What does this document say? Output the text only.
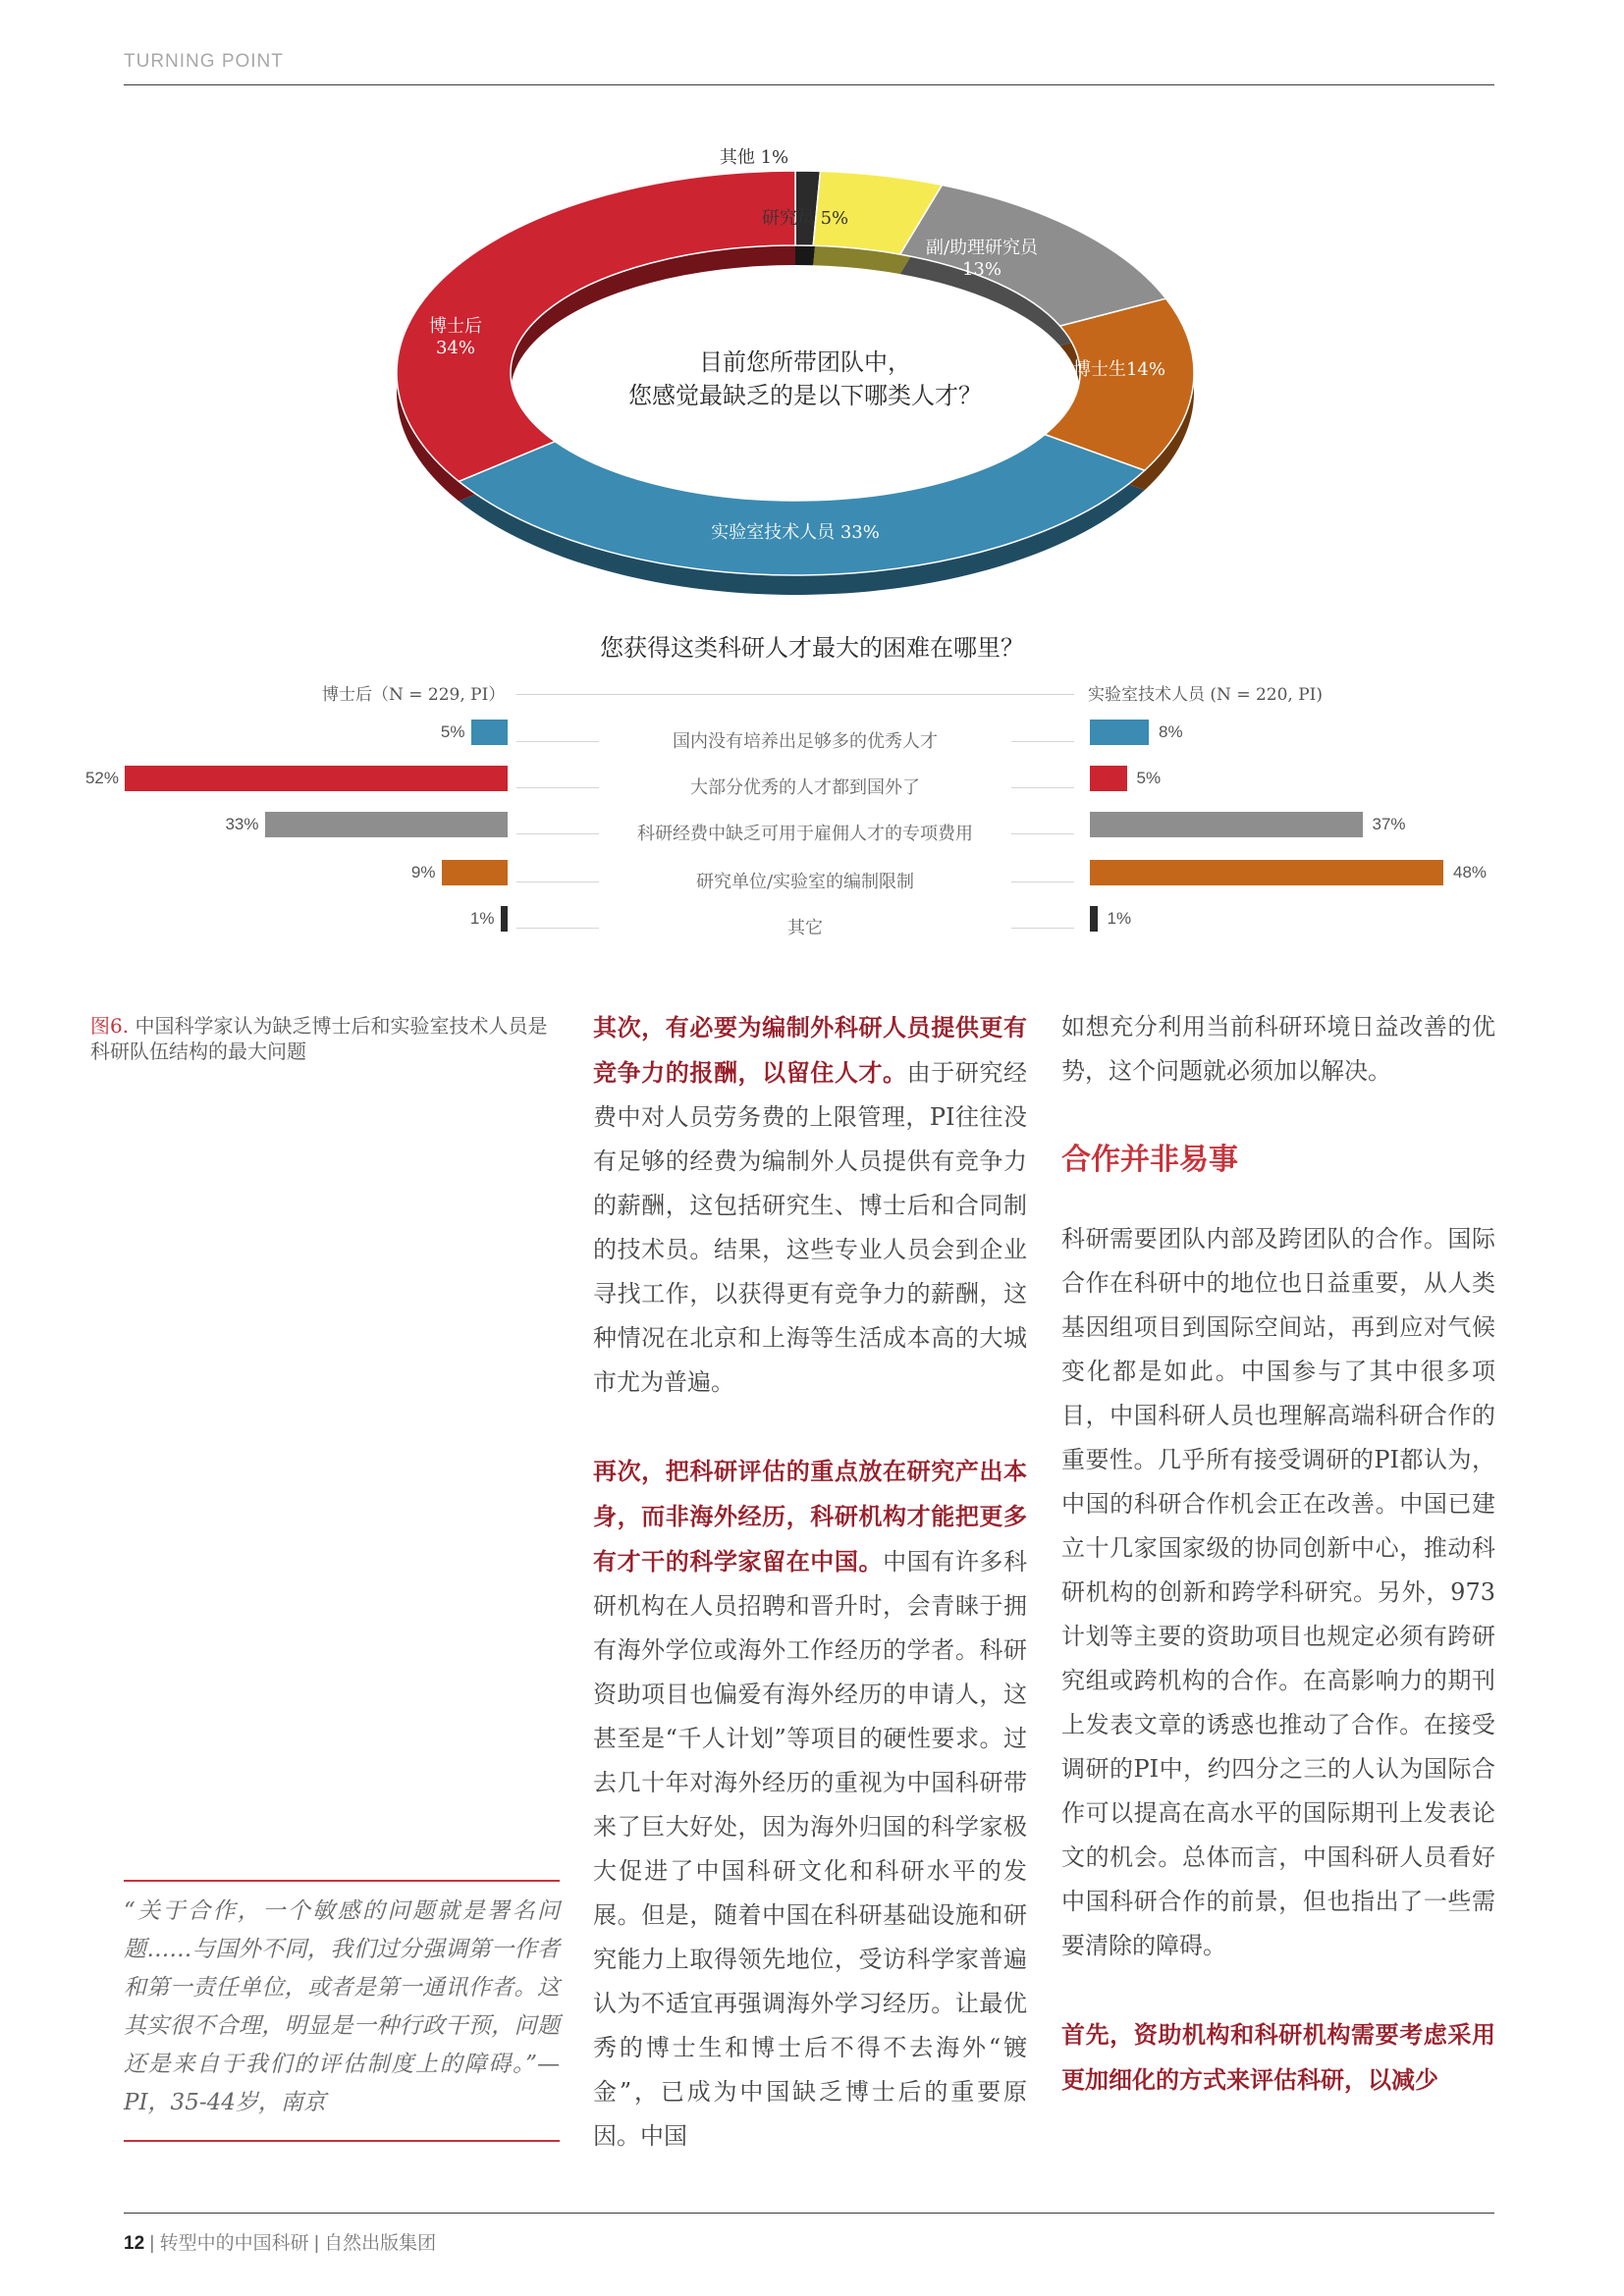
TURNING POINT
其他 1%
研究员 5%
副/助理研究员 13%
博士生14%
实验室技术人员 33%
博士后 34%
目前您所带团队中，
您感觉最缺乏的是以下哪类人才？
您获得这类科研人才最大的困难在哪里？
博士后（N = 229, PI）	实验室技术人员 (N = 220, PI)
国内没有培养出足够多的优秀人才
5%	8%
大部分优秀的人才都到国外了
52%	5%
科研经费中缺乏可用于雇佣人才的专项费用
33%	37%
研究单位/实验室的编制限制
9%	48%
其它
1%	1%
图6. 中国科学家认为缺乏博士后和实验室技术人员是科研队伍结构的最大问题

其次，有必要为编制外科研人员提供更有竞争力的报酬，以留住人才。由于研究经费中对人员劳务费的上限管理，PI往往没有足够的经费为编制外人员提供有竞争力的薪酬，这包括研究生、博士后和合同制的技术员。结果，这些专业人员会到企业寻找工作，以获得更有竞争力的薪酬，这种情况在北京和上海等生活成本高的大城市尤为普遍。

再次，把科研评估的重点放在研究产出本身，而非海外经历，科研机构才能把更多有才干的科学家留在中国。中国有许多科研机构在人员招聘和晋升时，会青睐于拥有海外学位或海外工作经历的学者。科研资助项目也偏爱有海外经历的申请人，这甚至是“千人计划”等项目的硬性要求。过去几十年对海外经历的重视为中国科研带来了巨大好处，因为海外归国的科学家极大促进了中国科研文化和科研水平的发展。但是，随着中国在科研基础设施和研究能力上取得领先地位，受访科学家普遍认为不适宜再强调海外学习经历。让最优秀的博士生和博士后不得不去海外“镀金”，已成为中国缺乏博士后的重要原因。中国

如想充分利用当前科研环境日益改善的优势，这个问题就必须加以解决。

合作并非易事

科研需要团队内部及跨团队的合作。国际合作在科研中的地位也日益重要，从人类基因组项目到国际空间站，再到应对气候变化都是如此。中国参与了其中很多项目，中国科研人员也理解高端科研合作的重要性。几乎所有接受调研的PI都认为，中国的科研合作机会正在改善。中国已建立十几家国家级的协同创新中心，推动科研机构的创新和跨学科研究。另外，973计划等主要的资助项目也规定必须有跨研究组或跨机构的合作。在高影响力的期刊上发表文章的诱惑也推动了合作。在接受调研的PI中，约四分之三的人认为国际合作可以提高在高水平的国际期刊上发表论文的机会。总体而言，中国科研人员看好中国科研合作的前景，但也指出了一些需要清除的障碍。

首先，资助机构和科研机构需要考虑采用更加细化的方式来评估科研，以减少

“关于合作，一个敏感的问题就是署名问题……与国外不同，我们过分强调第一作者和第一责任单位，或者是第一通讯作者。这其实很不合理，明显是一种行政干预，问题还是来自于我们的评估制度上的障碍。”—PI，35-44岁，南京
12 | 转型中的中国科研 | 自然出版集团
